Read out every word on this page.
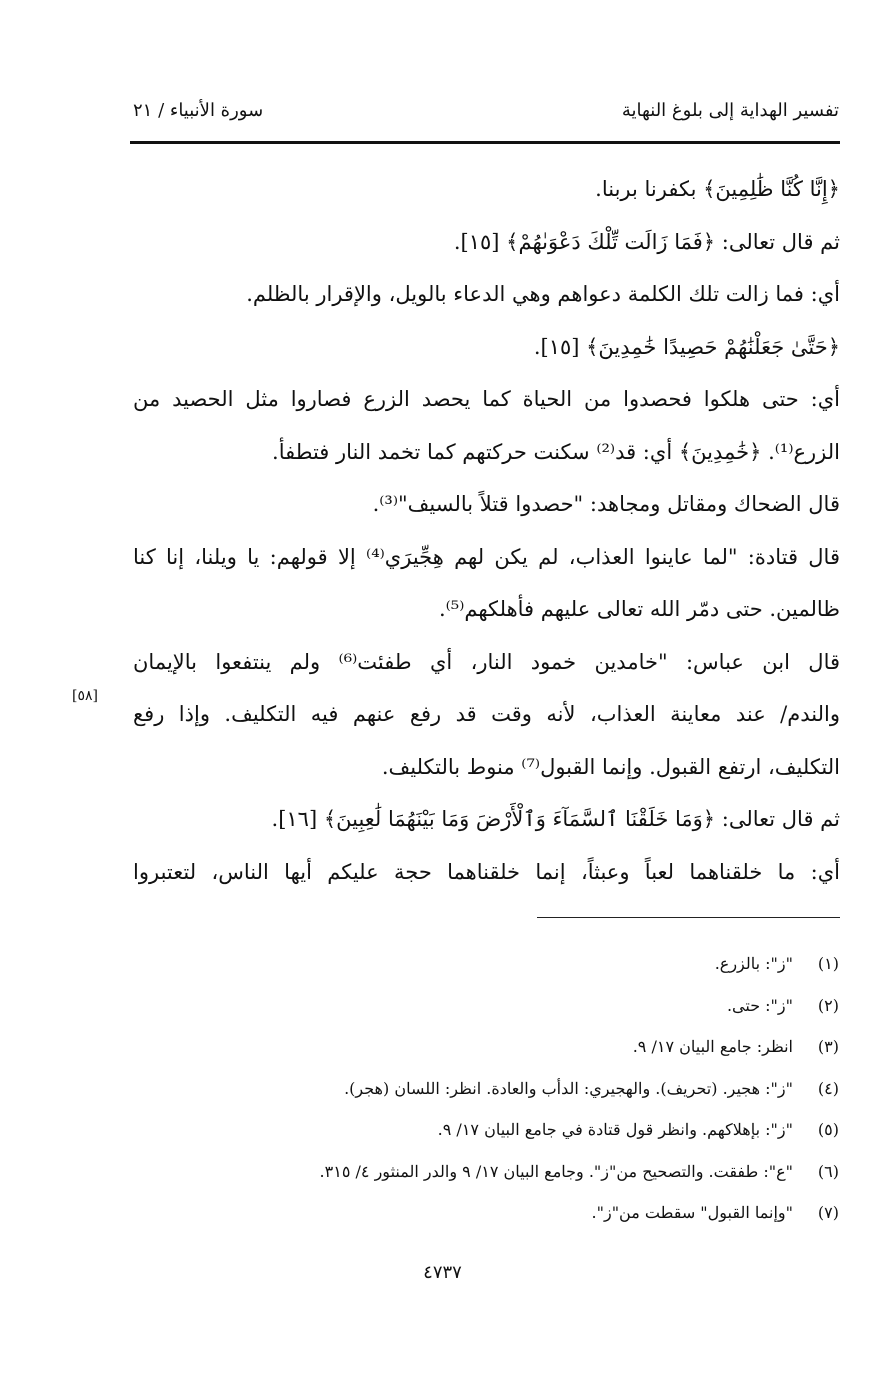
تفسير الهداية إلى بلوغ النهاية
سورة الأنبياء / ٢١
﴿إِنَّا كُنَّا ظَٰلِمِينَ﴾ بكفرنا بربنا.
ثم قال تعالى: ﴿فَمَا زَالَت تِّلْكَ دَعْوَىٰهُمْ﴾ [١٥].
أي: فما زالت تلك الكلمة دعواهم وهي الدعاء بالويل، والإقرار بالظلم.
﴿حَتَّىٰ جَعَلْنَٰهُمْ حَصِيدًا خَٰمِدِينَ﴾ [١٥].
أي: حتى هلكوا فحصدوا من الحياة كما يحصد الزرع فصاروا مثل الحصيد من
الزرع⁽¹⁾. ﴿خَٰمِدِينَ﴾ أي: قد⁽²⁾ سكنت حركتهم كما تخمد النار فتطفأ.
قال الضحاك ومقاتل ومجاهد: "حصدوا قتلاً بالسيف"⁽³⁾.
قال قتادة: "لما عاينوا العذاب، لم يكن لهم هِجِّيرَي⁽⁴⁾ إلا قولهم: يا ويلنا، إنا كنا
ظالمين. حتى دمّر الله تعالى عليهم فأهلكهم⁽⁵⁾.
قال ابن عباس: "خامدين خمود النار، أي طفئت⁽⁶⁾ ولم ينتفعوا بالإيمان
والندم/ عند معاينة العذاب، لأنه وقت قد رفع عنهم فيه التكليف. وإذا رفع
التكليف، ارتفع القبول. وإنما القبول⁽⁷⁾ منوط بالتكليف.
ثم قال تعالى: ﴿وَمَا خَلَقْنَا ٱلسَّمَآءَ وَٱلْأَرْضَ وَمَا بَيْنَهُمَا لَٰعِبِينَ﴾ [١٦].
أي: ما خلقناهما لعباً وعبثاً، إنما خلقناهما حجة عليكم أيها الناس، لتعتبروا
[٥٨]
(١)"ز": بالزرع.
(٢)"ز": حتى.
(٣)انظر: جامع البيان ١٧/ ٩.
(٤)"ز": هجير. (تحريف). والهجيري: الدأب والعادة. انظر: اللسان (هجر).
(٥)"ز": بإهلاكهم. وانظر قول قتادة في جامع البيان ١٧/ ٩.
(٦)"ع": طفقت. والتصحيح من"ز". وجامع البيان ١٧/ ٩ والدر المنثور ٤/ ٣١٥.
(٧)"وإنما القبول" سقطت من"ز".
٤٧٣٧
